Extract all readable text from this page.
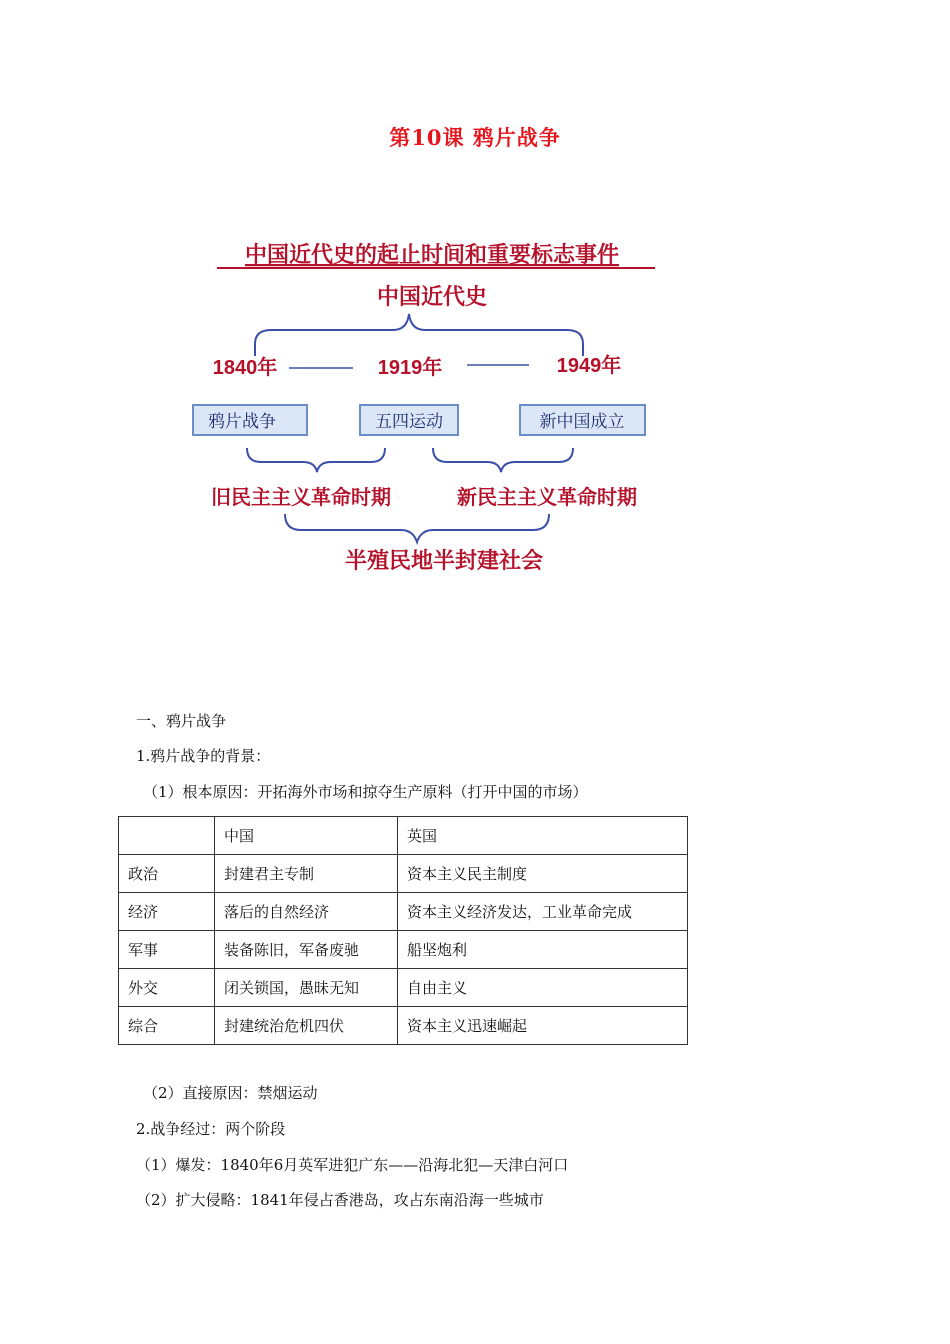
第10课 鸦片战争
中国近代史的起止时间和重要标志事件
中国近代史
1840年	1919年	1949年
鸦片战争	五四运动	新中国成立
旧民主主义革命时期	新民主主义革命时期
半殖民地半封建社会
一、鸦片战争
1.鸦片战争的背景：
（1）根本原因：开拓海外市场和掠夺生产原料（打开中国的市场）
	中国	英国
政治	封建君主专制	资本主义民主制度
经济	落后的自然经济	资本主义经济发达，工业革命完成
军事	装备陈旧，军备废驰	船坚炮利
外交	闭关锁国，愚昧无知	自由主义
综合	封建统治危机四伏	资本主义迅速崛起
（2）直接原因：禁烟运动
2.战争经过：两个阶段
（1）爆发：1840年6月英军进犯广东——沿海北犯—天津白河口
（2）扩大侵略：1841年侵占香港岛，攻占东南沿海一些城市
